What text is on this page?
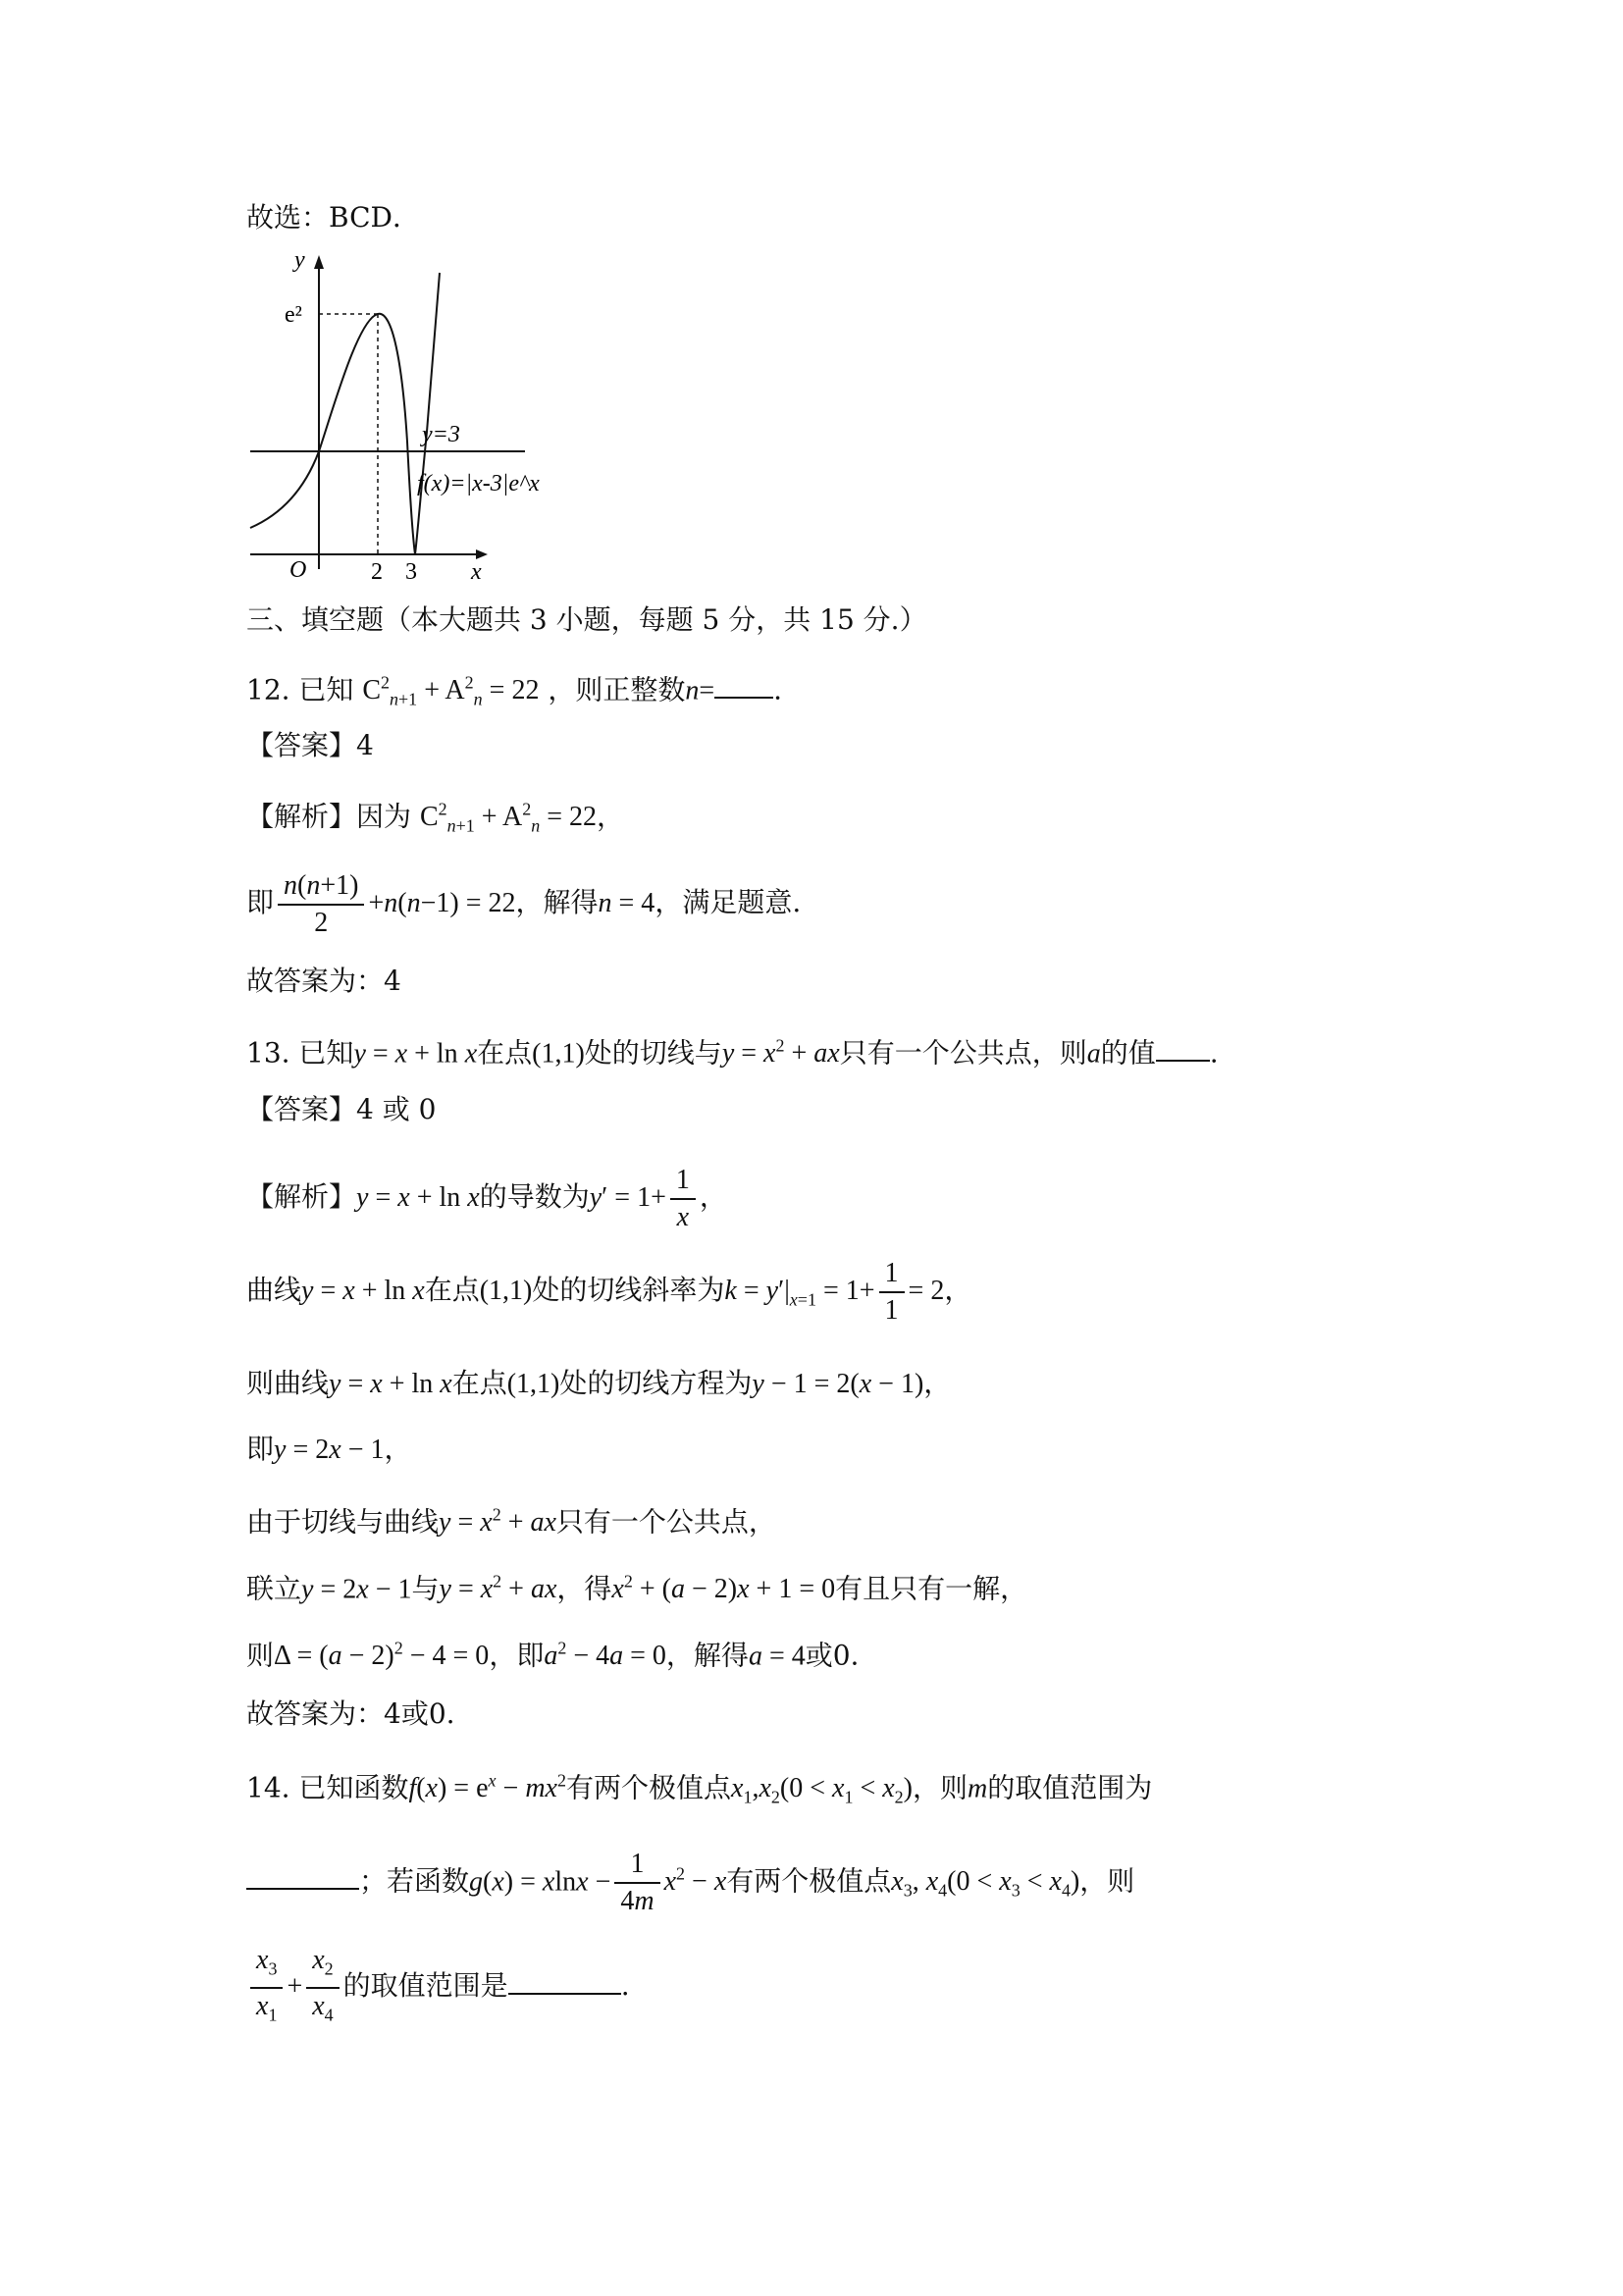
故选：BCD．
y
x
O
e²
2 3
y=3
f(x)=|x-3|e^x
三、填空题（本大题共 3 小题，每题 5 分，共 15 分.）
12. 已知 $C^2_{n+1} + A^2_n = 22$ ，则正整数n= .
【答案】4
【解析】因为 $C^2_{n+1} + A^2_n = 22$，
即 $\frac{n(n+1)}{2} +n(n-1) = 22$，解得n = 4，满足题意.
故答案为：4
13. 已知y = x + ln x在点(1,1)处的切线与$y = x^2$ + ax只有一个公共点，则a的值 .
【答案】4 或 0
【解析】y = x + ln x的导数为$y' = 1+ \frac{1}{x}$ ，
曲线y = x + ln x在点(1,1)处的切线斜率为$k = y'|_{x=1} = 1+ \frac{1}{1} = 2$，
则曲线y = x + ln x在点(1,1)处的切线方程为y − 1 = 2(x − 1)，
即y = 2x − 1，
由于切线与曲线$y = x^2$ + ax只有一个公共点，
联立y = 2x − 1与$y = x^2$ + ax，得$x^2 + (a - 2)x + 1 = 0$有且只有一解，
则$\Delta = (a - 2)^2 - 4 = 0$，即$a^2 - 4a = 0$，解得a = 4或0.
故答案为：4或0.
14. 已知函数$f(x) = e^x - mx^2$有两个极值点$x_1,x_2(0 < x_1 < x_2)$，则m的取值范围为
；若函数$g(x) = xlnx - \frac{1}{4m} x^2 - x$有两个极值点$x_3$, $x_4(0 < x_3 < x_4)$，则
$\frac{x_3}{x_1} + \frac{x_2}{x_4}$ 的取值范围是	.
